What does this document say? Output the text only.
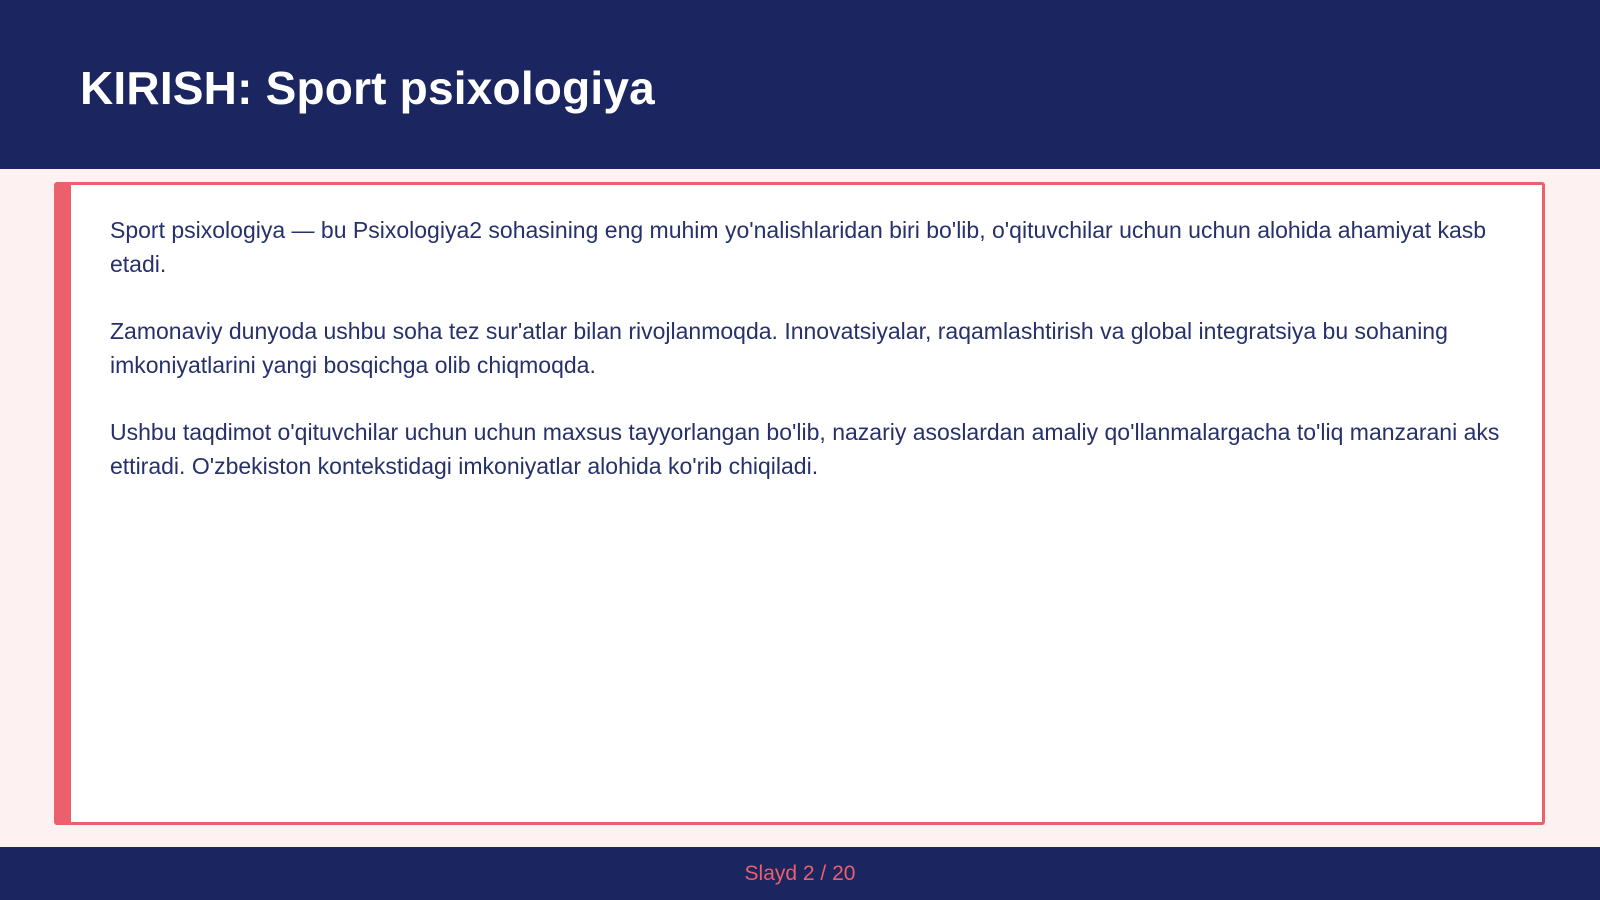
KIRISH: Sport psixologiya

Sport psixologiya — bu Psixologiya2 sohasining eng muhim yo'nalishlaridan biri bo'lib, o'qituvchilar uchun uchun alohida ahamiyat kasb etadi.

Zamonaviy dunyoda ushbu soha tez sur'atlar bilan rivojlanmoqda. Innovatsiyalar, raqamlashtirish va global integratsiya bu sohaning imkoniyatlarini yangi bosqichga olib chiqmoqda.

Ushbu taqdimot o'qituvchilar uchun uchun maxsus tayyorlangan bo'lib, nazariy asoslardan amaliy qo'llanmalargacha to'liq manzarani aks ettiradi. O'zbekiston kontekstidagi imkoniyatlar alohida ko'rib chiqiladi.

Slayd 2 / 20
